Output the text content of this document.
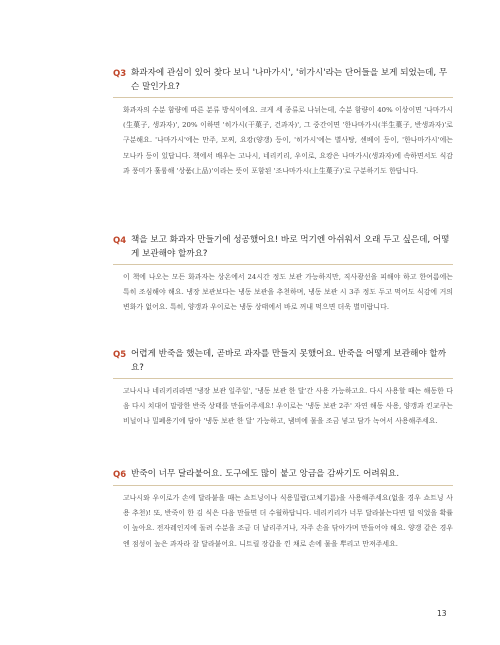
Q3 화과자에 관심이 있어 찾다 보니 '나마가시', '히가시'라는 단어들을 보게 되었는데, 무슨 말인가요?

화과자의 수분 함량에 따른 분류 방식이에요. 크게 세 종류로 나뉘는데, 수분 함량이 40% 이상이면 '나마가시(生菓子, 생과자)', 20% 이하면 '히가시(干菓子, 건과자)', 그 중간이면 '한나마가시(半生菓子, 반생과자)'로 구분해요. '나마가시'에는 만주, 모찌, 요캉(양갱) 등이, '히가시'에는 별사탕, 센베이 등이, '한나마가시'에는 모나카 등이 있답니다. 책에서 배우는 고나시, 네리키리, 우이로, 요캉은 나마가시(생과자)에 속하면서도 식감과 풍미가 훌륭해 '상품(上品)'이라는 뜻이 포함된 '조나마가시(上生菓子)'로 구분하기도 한답니다.

Q4 책을 보고 화과자 만들기에 성공했어요! 바로 먹기엔 아쉬워서 오래 두고 싶은데, 어떻게 보관해야 할까요?

이 책에 나오는 모든 화과자는 상온에서 24시간 정도 보관 가능하지만, 직사광선을 피해야 하고 한여름에는 특히 조심해야 해요. 냉장 보관보다는 냉동 보관을 추천하며, 냉동 보관 시 3주 정도 두고 먹어도 식감에 거의 변화가 없어요. 특히, 양갱과 우이로는 냉동 상태에서 바로 꺼내 먹으면 더욱 별미랍니다.

Q5 어렵게 반죽을 했는데, 곧바로 과자를 만들지 못했어요. 반죽을 어떻게 보관해야 할까요?

고나시나 네리키리라면 '냉장 보관 일주일', '냉동 보관 한 달'간 사용 가능하고요. 다시 사용할 때는 해동한 다음 다시 치대어 말랑한 반죽 상태를 만들어주세요! 우이로는 '냉동 보관 2주' 자연 해동 사용, 양갱과 킨교쿠는 비닐이나 밀폐용기에 담아 '냉동 보관 한 달' 가능하고, 냄비에 물을 조금 넣고 담가 녹여서 사용해주세요.

Q6 반죽이 너무 달라붙어요. 도구에도 많이 붙고 앙금을 감싸기도 어려워요.

고나시와 우이로가 손에 달라붙을 때는 쇼트닝이나 식용밀랍(고체기름)을 사용해주세요(없을 경우 쇼트닝 사용 추천)! 또, 반죽이 한 김 식은 다음 만들면 더 수월하답니다. 네리키리가 너무 달라붙는다면 덜 익었을 확률이 높아요. 전자레인지에 돌려 수분을 조금 더 날리주거나, 자주 손을 닦아가며 만들어야 해요. 양갱 같은 경우엔 점성이 높은 과자라 잘 달라붙어요. 니트릴 장갑을 낀 채로 손에 물을 뿌리고 만져주세요.

13
